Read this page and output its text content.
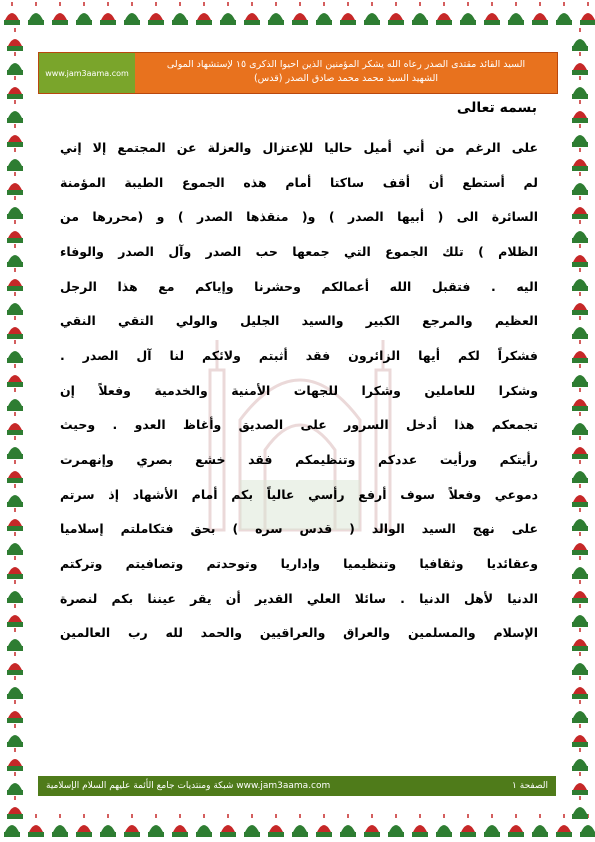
www.jam3aama.com
السيد القائد مقتدى الصدر رعاه الله يشكر المؤمنين الذين احيوا الذكرى ١٥ لإستشهاد المولى
الشهيد السيد محمد محمد صادق الصدر (قدس)
بسمه تعالى
على الرغم من أني أميل حاليا للإعتزال والعزلة عن المجتمع إلا إني
لم أستطع أن أقف ساكتا أمام هذه الجموع الطيبة المؤمنة
السائرة الى ( أبيها الصدر ) و( منقذها الصدر ) و (محررها من
الظلام ) تلك الجموع التي جمعها حب الصدر وآل الصدر والوفاء
اليه . فتقبل الله أعمالكم وحشرنا وإياكم مع هذا الرجل
العظيم والمرجع الكبير والسيد الجليل والولي التقي النقي
فشكراً لكم أيها الزائرون فقد أثبتم ولائكم لنا آل الصدر .
وشكرا للعاملين وشكرا للجهات الأمنية والخدمية وفعلاً إن
تجمعكم هذا أدخل السرور على الصديق وأغاظ العدو . وحيث
رأيتكم ورأيت عددكم وتنظيمكم فقد خشع بصري وإنهمرت
دموعي وفعلاً سوف أرفع رأسي عالياً بكم أمام الأشهاد إذ سرتم
على نهج السيد الوالد ( قدس سره ) بحق فتكاملتم إسلاميا
وعقائديا وثقافيا وتنظيميا وإداريا وتوحدتم وتصافيتم وتركتم
الدنيا لأهل الدنيا . سائلا العلي القدير أن يقر عيننا بكم لنصرة
الإسلام والمسلمين والعراق والعراقيين والحمد لله رب العالمين
شبكة ومنتديات جامع الأئمة عليهم السلام الإسلامية www.jam3aama.com	الصفحة ١
